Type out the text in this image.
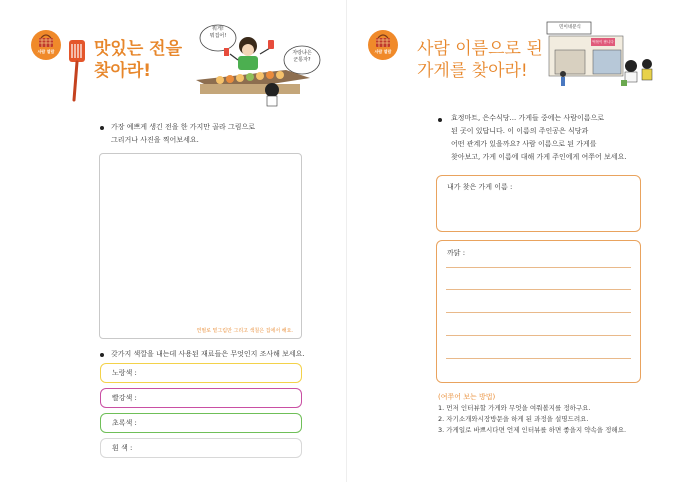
사람 열람	맛있는 전을
찾아라!
뭐게!
뭐집어!
자랑냐은
군통자?
가장 예쁘게 생긴 전을 한 가지만 골라 그림으로
그리거나 사진을 찍어보세요.
연필로 밑그림만 그리고 색칠은 집에서 해요.
갖가지 색깔을 내는데 사용된 재료들은 무엇인지 조사해 보세요.
노랑색 :
빨강색 :
초록색 :
흰 색 :
사람 열람	사람 이름으로 된
가게를 찾아라!
민이네분식
떡볶이 팝니다
효정마트, 은수식당... 가게들 중에는 사람이름으로
된 곳이 있답니다. 이 이름의 주인공은 식당과
어떤 관계가 있을까요? 사람 이름으로 된 가게를
찾아보고, 가게 이름에 대해 가게 주인에게 여쭈어 보세요.
내가 찾은 가게 이름 :
까닭 :
(여쭈어 보는 방법)
1. 먼저 인터뷰할 가게와 무엇을 여쭤볼지를 정하구요.
2. 자기소개와시장방문을 하게 된 과정을 설명드려요.
3. 가게일로 바쁘시다면 언제 인터뷰를 하면 좋을지 약속을 정해요.
